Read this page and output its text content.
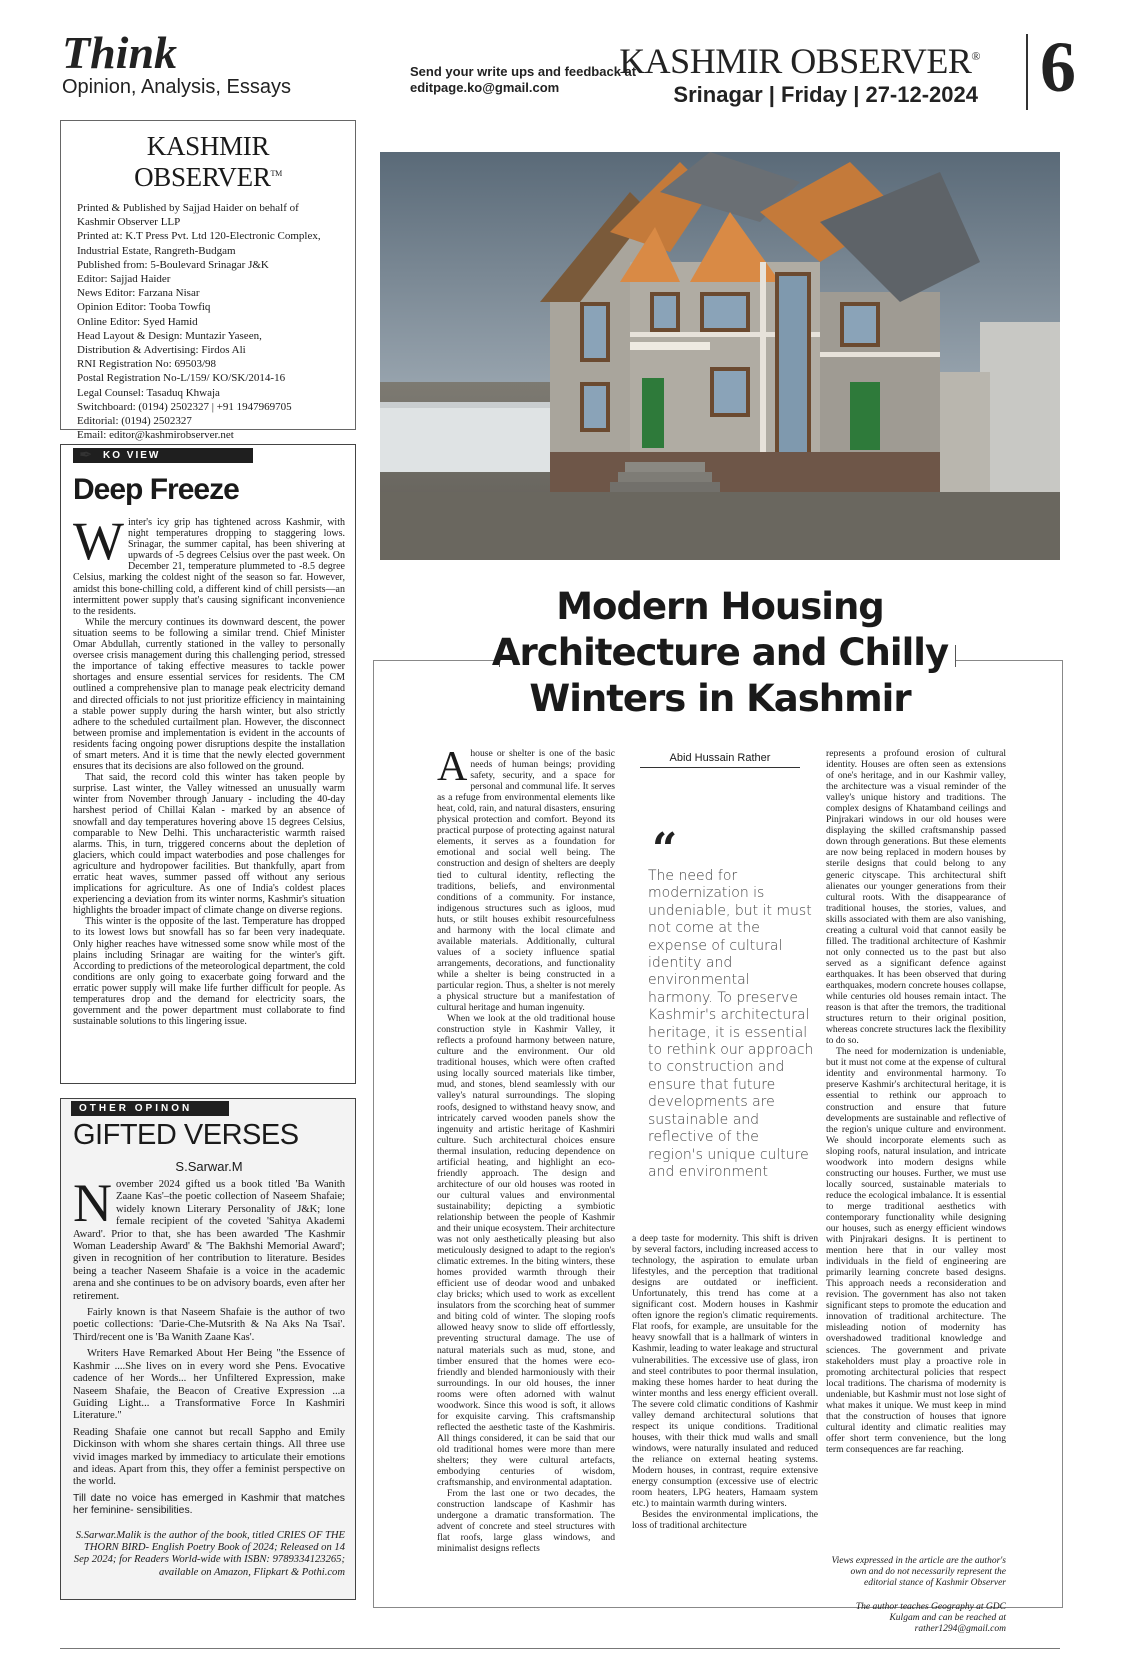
Think
Opinion, Analysis, Essays
Send your write ups and feedback at
editpage.ko@gmail.com
KASHMIR OBSERVER®
Srinagar | Friday | 27-12-2024 6
KASHMIR OBSERVER™
Printed & Published by Sajjad Haider on behalf of
Kashmir Observer LLP
Printed at: K.T Press Pvt. Ltd 120-Electronic Complex,
Industrial Estate, Rangreth-Budgam
Published from: 5-Boulevard Srinagar J&K
Editor: Sajjad Haider
News Editor: Farzana Nisar
Opinion Editor: Tooba Towfiq
Online Editor: Syed Hamid
Head Layout & Design: Muntazir Yaseen,
Distribution & Advertising: Firdos Ali
RNI Registration No: 69503/98
Postal Registration No-L/159/ KO/SK/2014-16
Legal Counsel: Tasaduq Khwaja
Switchboard: (0194) 2502327 | +91 1947969705
Editorial: (0194) 2502327
Email: editor@kashmirobserver.net
KO VIEW
✒
Deep Freeze

Winter's icy grip has tightened across Kashmir, with night temperatures dropping to staggering lows. Srinagar, the summer capital, has been shivering at upwards of -5 degrees Celsius over the past week. On December 21, temperature plummeted to -8.5 degree Celsius, marking the coldest night of the season so far. However, amidst this bone-chilling cold, a different kind of chill persists—an intermittent power supply that's causing significant inconvenience to the residents.

While the mercury continues its downward descent, the power situation seems to be following a similar trend. Chief Minister Omar Abdullah, currently stationed in the valley to personally oversee crisis management during this challenging period, stressed the importance of taking effective measures to tackle power shortages and ensure essential services for residents. The CM outlined a comprehensive plan to manage peak electricity demand and directed officials to not just prioritize efficiency in maintaining a stable power supply during the harsh winter, but also strictly adhere to the scheduled curtailment plan. However, the disconnect between promise and implementation is evident in the accounts of residents facing ongoing power disruptions despite the installation of smart meters. And it is time that the newly elected government ensures that its decisions are also followed on the ground.

That said, the record cold this winter has taken people by surprise. Last winter, the Valley witnessed an unusually warm winter from November through January - including the 40-day harshest period of Chillai Kalan - marked by an absence of snowfall and day temperatures hovering above 15 degrees Celsius, comparable to New Delhi. This uncharacteristic warmth raised alarms. This, in turn, triggered concerns about the depletion of glaciers, which could impact waterbodies and pose challenges for agriculture and hydropower facilities. But thankfully, apart from erratic heat waves, summer passed off without any serious implications for agriculture. As one of India's coldest places experiencing a deviation from its winter norms, Kashmir's situation highlights the broader impact of climate change on diverse regions.

This winter is the opposite of the last. Temperature has dropped to its lowest lows but snowfall has so far been very inadequate. Only higher reaches have witnessed some snow while most of the plains including Srinagar are waiting for the winter's gift. According to predictions of the meteorological department, the cold conditions are only going to exacerbate going forward and the erratic power supply will make life further difficult for people. As temperatures drop and the demand for electricity soars, the government and the power department must collaborate to find sustainable solutions to this lingering issue.

OTHER OPINON
GIFTED VERSES
S.Sarwar.M

November 2024 gifted us a book titled 'Ba Wanith Zaane Kas'–the poetic collection of Naseem Shafaie; widely known Literary Personality of J&K; lone female recipient of the coveted 'Sahitya Akademi Award'. Prior to that, she has been awarded 'The Kashmir Woman Leadership Award' & 'The Bakhshi Memorial Award'; given in recognition of her contribution to literature. Besides being a teacher Naseem Shafaie is a voice in the academic arena and she continues to be on advisory boards, even after her retirement.

Fairly known is that Naseem Shafaie is the author of two poetic collections: 'Darie-Che-Mutsrith & Na Aks Na Tsai'. Third/recent one is 'Ba Wanith Zaane Kas'.

Writers Have Remarked About Her Being "the Essence of Kashmir ....She lives on in every word she Pens. Evocative cadence of her Words... her Unfiltered Expression, make Naseem Shafaie, the Beacon of Creative Expression ...a Guiding Light... a Transformative Force In Kashmiri Literature."

Reading Shafaie one cannot but recall Sappho and Emily Dickinson with whom she shares certain things. All three use vivid images marked by immediacy to articulate their emotions and ideas. Apart from this, they offer a feminist perspective on the world.

Till date no voice has emerged in Kashmir that matches her feminine- sensibilities.

S.Sarwar.Malik is the author of the book, titled CRIES OF THE THORN BIRD- English Poetry Book of 2024; Released on 14 Sep 2024; for Readers World-wide with ISBN: 9789334123265; available on Amazon, Flipkart & Pothi.com

Modern Housing Architecture and Chilly Winters in Kashmir

Ahouse or shelter is one of the basic needs of human beings; providing safety, security, and a space for personal and communal life. It serves as a refuge from environmental elements like heat, cold, rain, and natural disasters, ensuring physical protection and comfort. Beyond its practical purpose of protecting against natural elements, it serves as a foundation for emotional and social well being. The construction and design of shelters are deeply tied to cultural identity, reflecting the traditions, beliefs, and environmental conditions of a community. For instance, indigenous structures such as igloos, mud huts, or stilt houses exhibit resourcefulness and harmony with the local climate and available materials. Additionally, cultural values of a society influence spatial arrangements, decorations, and functionality while a shelter is being constructed in a particular region. Thus, a shelter is not merely a physical structure but a manifestation of cultural heritage and human ingenuity.

When we look at the old traditional house construction style in Kashmir Valley, it reflects a profound harmony between nature, culture and the environment. Our old traditional houses, which were often crafted using locally sourced materials like timber, mud, and stones, blend seamlessly with our valley's natural surroundings. The sloping roofs, designed to withstand heavy snow, and intricately carved wooden panels show the ingenuity and artistic heritage of Kashmiri culture. Such architectural choices ensure thermal insulation, reducing dependence on artificial heating, and highlight an eco-friendly approach. The design and architecture of our old houses was rooted in our cultural values and environmental sustainability; depicting a symbiotic relationship between the people of Kashmir and their unique ecosystem. Their architecture was not only aesthetically pleasing but also meticulously designed to adapt to the region's climatic extremes. In the biting winters, these homes provided warmth through their efficient use of deodar wood and unbaked clay bricks; which used to work as excellent insulators from the scorching heat of summer and biting cold of winter. The sloping roofs allowed heavy snow to slide off effortlessly, preventing structural damage. The use of natural materials such as mud, stone, and timber ensured that the homes were eco-friendly and blended harmoniously with their surroundings. In our old houses, the inner rooms were often adorned with walnut woodwork. Since this wood is soft, it allows for exquisite carving. This craftsmanship reflected the aesthetic taste of the Kashmiris. All things considered, it can be said that our old traditional homes were more than mere shelters; they were cultural artefacts, embodying centuries of wisdom, craftsmanship, and environmental adaptation.

From the last one or two decades, the construction landscape of Kashmir has undergone a dramatic transformation. The advent of concrete and steel structures with flat roofs, large glass windows, and minimalist designs reflects

Abid Hussain Rather
“
The need for modernization is undeniable, but it must not come at the expense of cultural identity and environmental harmony. To preserve Kashmir's architectural heritage, it is essential to rethink our approach to construction and ensure that future developments are sustainable and reflective of the region's unique culture and environment

a deep taste for modernity. This shift is driven by several factors, including increased access to technology, the aspiration to emulate urban lifestyles, and the perception that traditional designs are outdated or inefficient. Unfortunately, this trend has come at a significant cost. Modern houses in Kashmir often ignore the region's climatic requirements. Flat roofs, for example, are unsuitable for the heavy snowfall that is a hallmark of winters in Kashmir, leading to water leakage and structural vulnerabilities. The excessive use of glass, iron and steel contributes to poor thermal insulation, making these homes harder to heat during the winter months and less energy efficient overall. The severe cold climatic conditions of Kashmir valley demand architectural solutions that respect its unique conditions. Traditional houses, with their thick mud walls and small windows, were naturally insulated and reduced the reliance on external heating systems. Modern houses, in contrast, require extensive energy consumption (excessive use of electric room heaters, LPG heaters, Hamaam system etc.) to maintain warmth during winters.

Besides the environmental implications, the loss of traditional architecture

represents a profound erosion of cultural identity. Houses are often seen as extensions of one's heritage, and in our Kashmir valley, the architecture was a visual reminder of the valley's unique history and traditions. The complex designs of Khatamband ceilings and Pinjrakari windows in our old houses were displaying the skilled craftsmanship passed down through generations. But these elements are now being replaced in modern houses by sterile designs that could belong to any generic cityscape. This architectural shift alienates our younger generations from their cultural roots. With the disappearance of traditional houses, the stories, values, and skills associated with them are also vanishing, creating a cultural void that cannot easily be filled. The traditional architecture of Kashmir not only connected us to the past but also served as a significant defence against earthquakes. It has been observed that during earthquakes, modern concrete houses collapse, while centuries old houses remain intact. The reason is that after the tremors, the traditional structures return to their original position, whereas concrete structures lack the flexibility to do so.

The need for modernization is undeniable, but it must not come at the expense of cultural identity and environmental harmony. To preserve Kashmir's architectural heritage, it is essential to rethink our approach to construction and ensure that future developments are sustainable and reflective of the region's unique culture and environment. We should incorporate elements such as sloping roofs, natural insulation, and intricate woodwork into modern designs while constructing our houses. Further, we must use locally sourced, sustainable materials to reduce the ecological imbalance. It is essential to merge traditional aesthetics with contemporary functionality while designing our houses, such as energy efficient windows with Pinjrakari designs. It is pertinent to mention here that in our valley most individuals in the field of engineering are primarily learning concrete based designs. This approach needs a reconsideration and revision. The government has also not taken significant steps to promote the education and innovation of traditional architecture. The misleading notion of modernity has overshadowed traditional knowledge and sciences. The government and private stakeholders must play a proactive role in promoting architectural policies that respect local traditions. The charisma of modernity is undeniable, but Kashmir must not lose sight of what makes it unique. We must keep in mind that the construction of houses that ignore cultural identity and climatic realities may offer short term convenience, but the long term consequences are far reaching.

Views expressed in the article are the author's own and do not necessarily represent the editorial stance of Kashmir Observer
The author teaches Geography at GDC Kulgam and can be reached at rather1294@gmail.com
